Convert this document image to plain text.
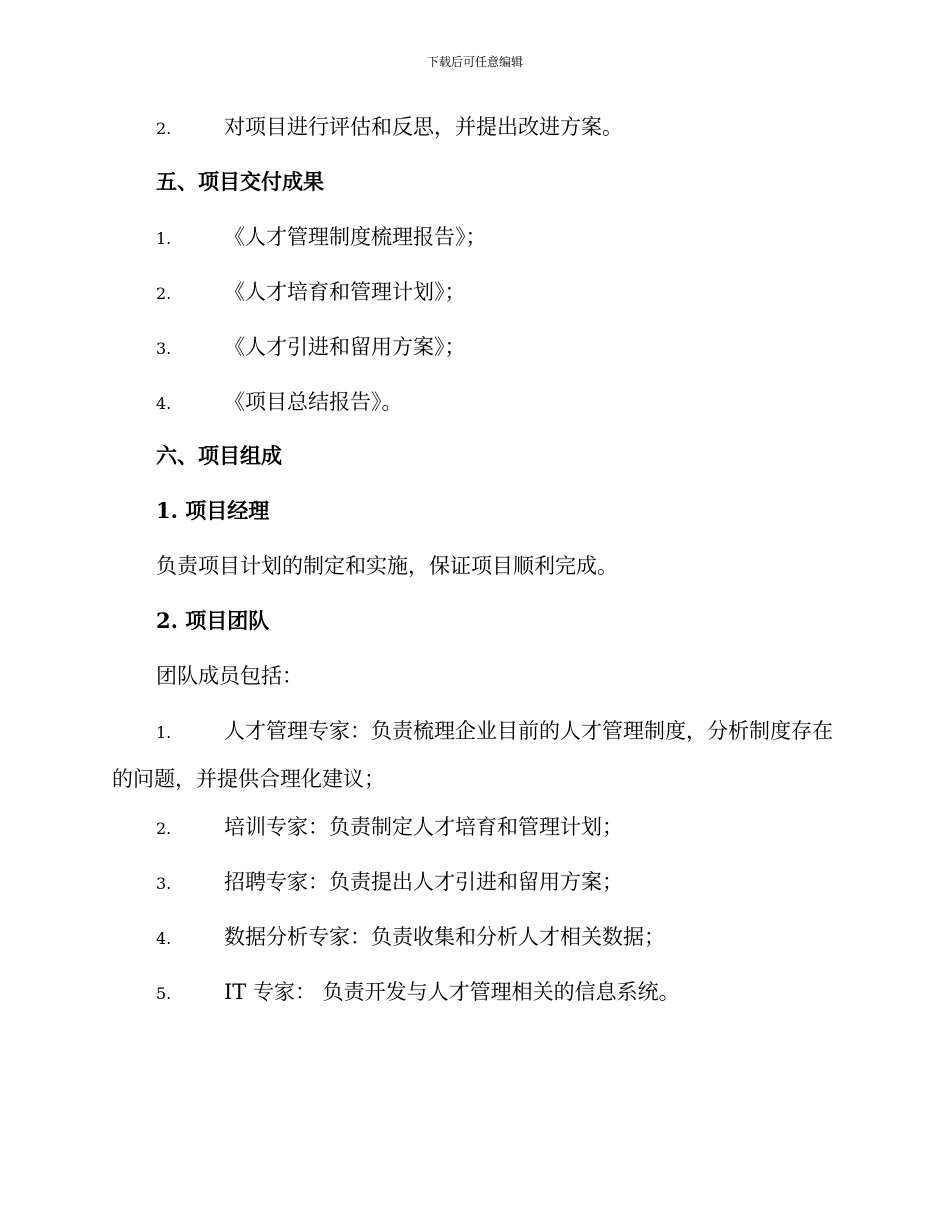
下载后可任意编辑
2.	对项目进行评估和反思，并提出改进方案。
五、项目交付成果
1.	《人才管理制度梳理报告》；
2.	《人才培育和管理计划》；
3.	《人才引进和留用方案》；
4.	《项目总结报告》。
六、项目组成
1. 项目经理
负责项目计划的制定和实施，保证项目顺利完成。
2. 项目团队
团队成员包括：
1.	人才管理专家：负责梳理企业目前的人才管理制度，分析制度存在的问题，并提供合理化建议；
2.	培训专家：负责制定人才培育和管理计划；
3.	招聘专家：负责提出人才引进和留用方案；
4.	数据分析专家：负责收集和分析人才相关数据；
5.	IT 专家： 负责开发与人才管理相关的信息系统。
